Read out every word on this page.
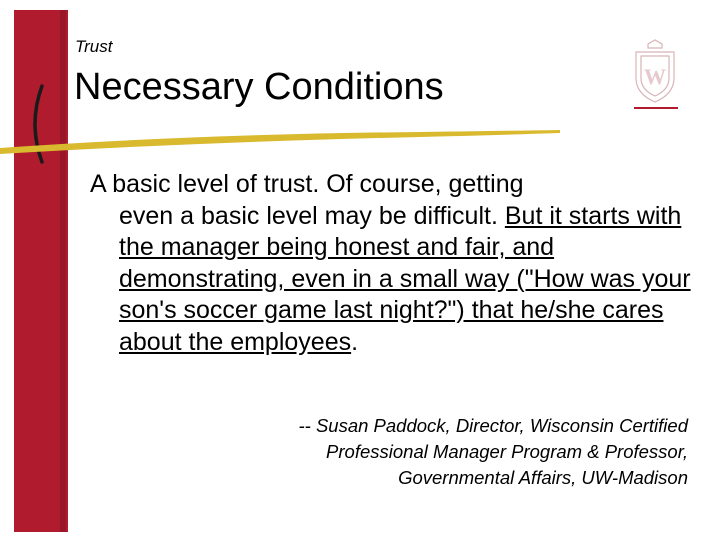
Trust
Necessary Conditions	W
A basic level of trust. Of course, getting
even a basic level may be difficult. But it starts with the manager being honest and fair, and demonstrating, even in a small way ("How was your son's soccer game last night?") that he/she cares about the employees.
-- Susan Paddock, Director, Wisconsin Certified
Professional Manager Program & Professor,
Governmental Affairs, UW-Madison
